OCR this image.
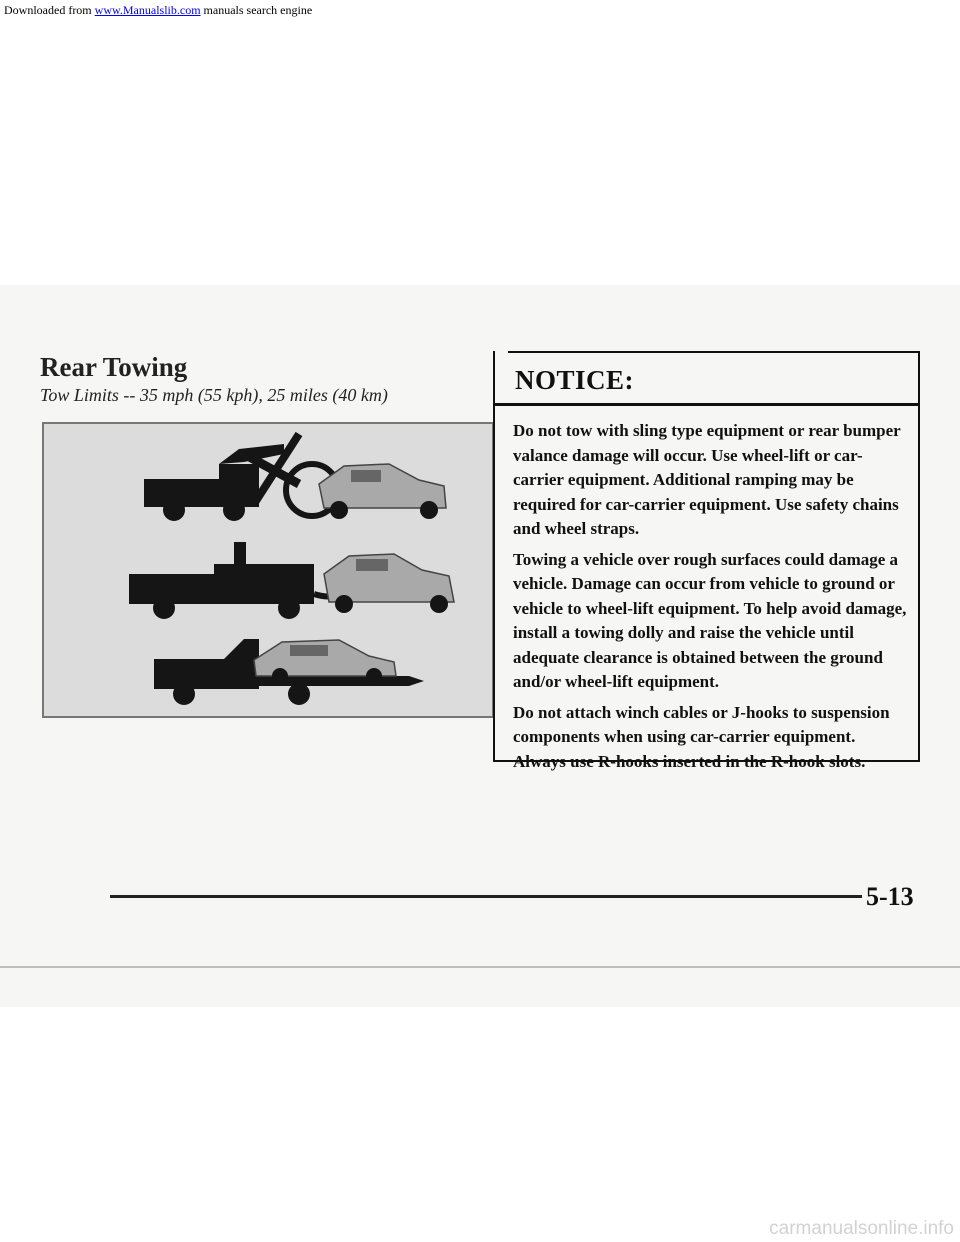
Downloaded from www.Manualslib.com manuals search engine
Rear Towing
Tow Limits -- 35 mph (55 kph), 25 miles (40 km)	NOTICE:

Do not tow with sling type equipment or rear bumper valance damage will occur. Use wheel-lift or car-carrier equipment. Additional ramping may be required for car-carrier equipment. Use safety chains and wheel straps.

Towing a vehicle over rough surfaces could damage a vehicle. Damage can occur from vehicle to ground or vehicle to wheel-lift equipment. To help avoid damage, install a towing dolly and raise the vehicle until adequate clearance is obtained between the ground and/or wheel-lift equipment.

Do not attach winch cables or J-hooks to suspension components when using car-carrier equipment. Always use R-hooks inserted in the R-hook slots.

5-13
carmanualsonline.info
